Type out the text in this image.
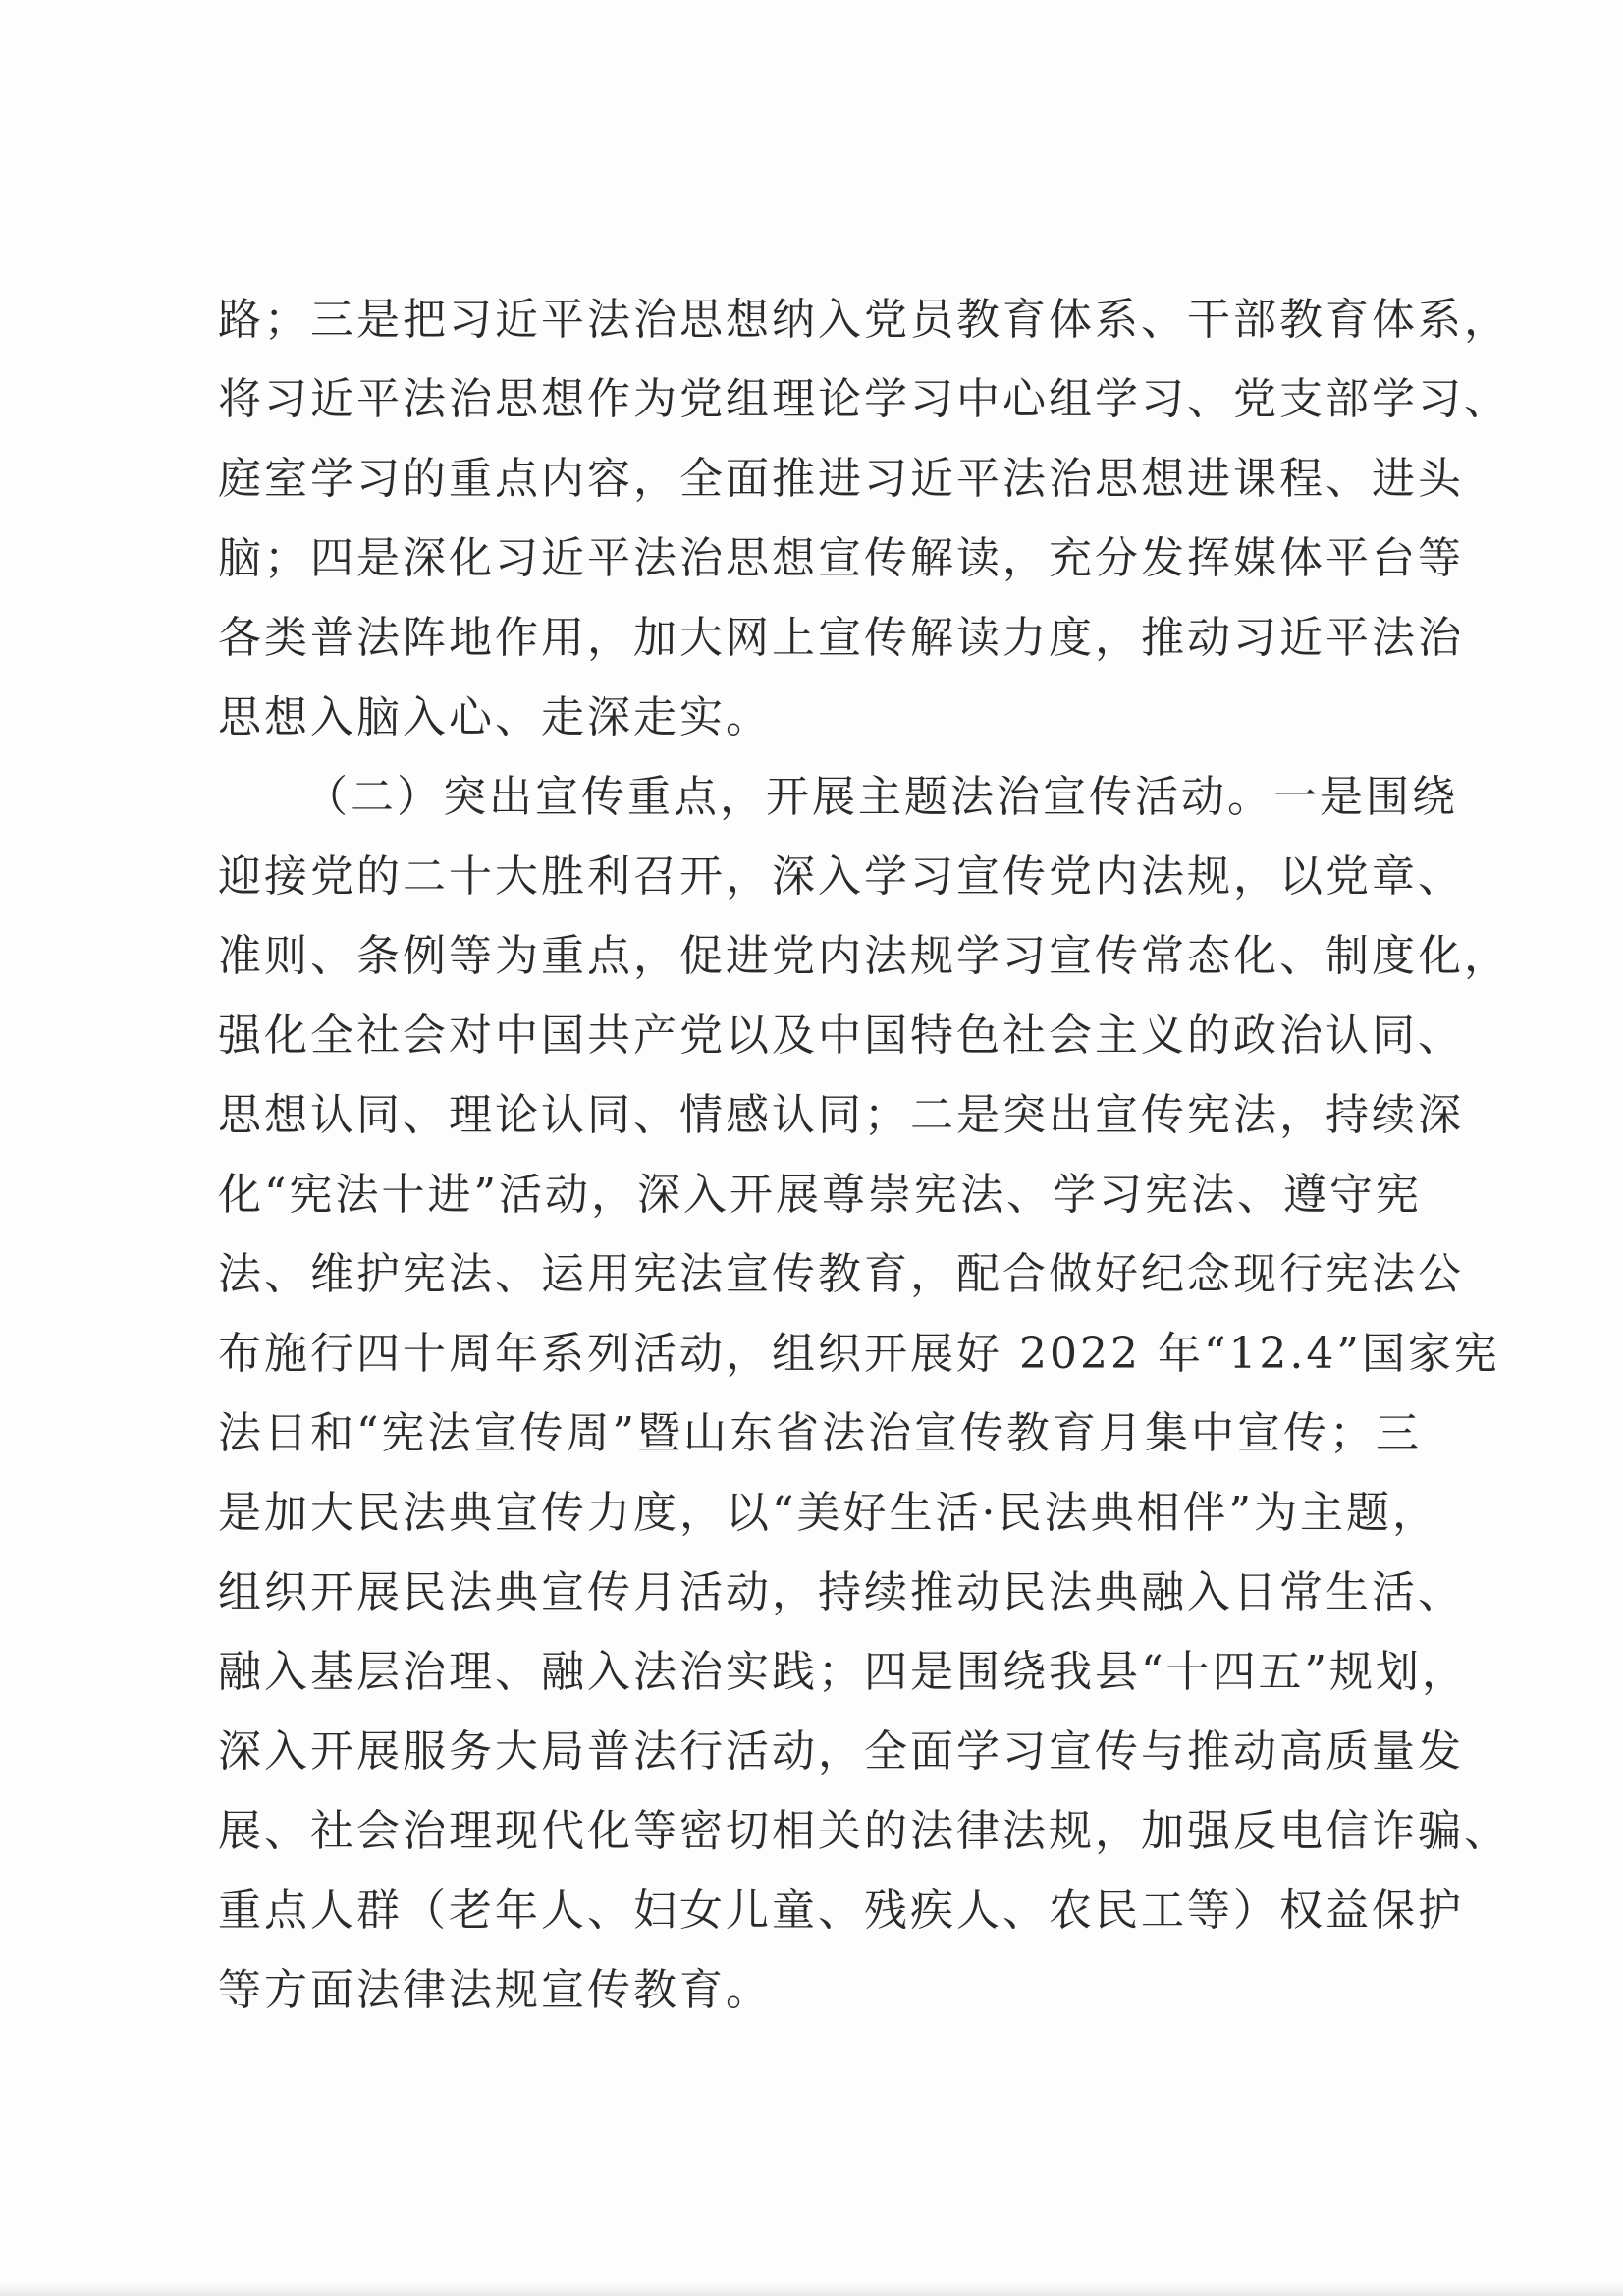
路；三是把习近平法治思想纳入党员教育体系、干部教育体系，
将习近平法治思想作为党组理论学习中心组学习、党支部学习、
庭室学习的重点内容，全面推进习近平法治思想进课程、进头
脑；四是深化习近平法治思想宣传解读，充分发挥媒体平台等
各类普法阵地作用，加大网上宣传解读力度，推动习近平法治
思想入脑入心、走深走实。
（二）突出宣传重点，开展主题法治宣传活动。一是围绕
迎接党的二十大胜利召开，深入学习宣传党内法规，以党章、
准则、条例等为重点，促进党内法规学习宣传常态化、制度化，
强化全社会对中国共产党以及中国特色社会主义的政治认同、
思想认同、理论认同、情感认同；二是突出宣传宪法，持续深
化“宪法十进”活动，深入开展尊崇宪法、学习宪法、遵守宪
法、维护宪法、运用宪法宣传教育，配合做好纪念现行宪法公
布施行四十周年系列活动，组织开展好 2022 年“12.4”国家宪
法日和“宪法宣传周”暨山东省法治宣传教育月集中宣传；三
是加大民法典宣传力度，以“美好生活·民法典相伴”为主题，
组织开展民法典宣传月活动，持续推动民法典融入日常生活、
融入基层治理、融入法治实践；四是围绕我县“十四五”规划，
深入开展服务大局普法行活动，全面学习宣传与推动高质量发
展、社会治理现代化等密切相关的法律法规，加强反电信诈骗、
重点人群（老年人、妇女儿童、残疾人、农民工等）权益保护
等方面法律法规宣传教育。
